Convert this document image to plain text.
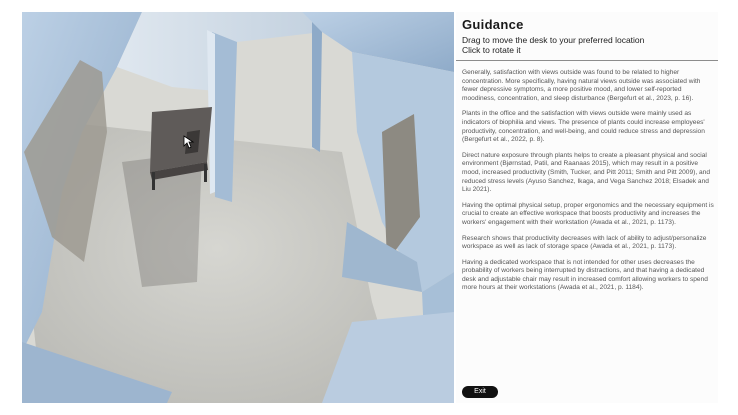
Guidance
Drag to move the desk to your preferred location
Click to rotate it

Generally, satisfaction with views outside was found to be related to higher concentration. More specifically, having natural views outside was associated with fewer depressive symptoms, a more positive mood, and lower self-reported moodiness, concentration, and sleep disturbance (Bergefurt et al., 2023, p. 16).

Plants in the office and the satisfaction with views outside were mainly used as indicators of biophilia and views. The presence of plants could increase employees' productivity, concentration, and well-being, and could reduce stress and depression (Bergefurt et al., 2022, p. 8).

Direct nature exposure through plants helps to create a pleasant physical and social environment (Bjørnstad, Patil, and Raanaas 2015), which may result in a positive mood, increased productivity (Smith, Tucker, and Pitt 2011; Smith and Pitt 2009), and reduced stress levels (Ayuso Sanchez, Ikaga, and Vega Sanchez 2018; Elsadek and Liu 2021).

Having the optimal physical setup, proper ergonomics and the necessary equipment is crucial to create an effective workspace that boosts productivity and increases the workers' engagement with their workstation (Awada et al., 2021, p. 1173).

Research shows that productivity decreases with lack of ability to adjust/personalize workspace as well as lack of storage space (Awada et al., 2021, p. 1173).

Having a dedicated workspace that is not intended for other uses decreases the probability of workers being interrupted by distractions, and that having a dedicated desk and adjustable chair may result in increased comfort allowing workers to spend more hours at their workstations (Awada et al., 2021, p. 1184).

Exit
